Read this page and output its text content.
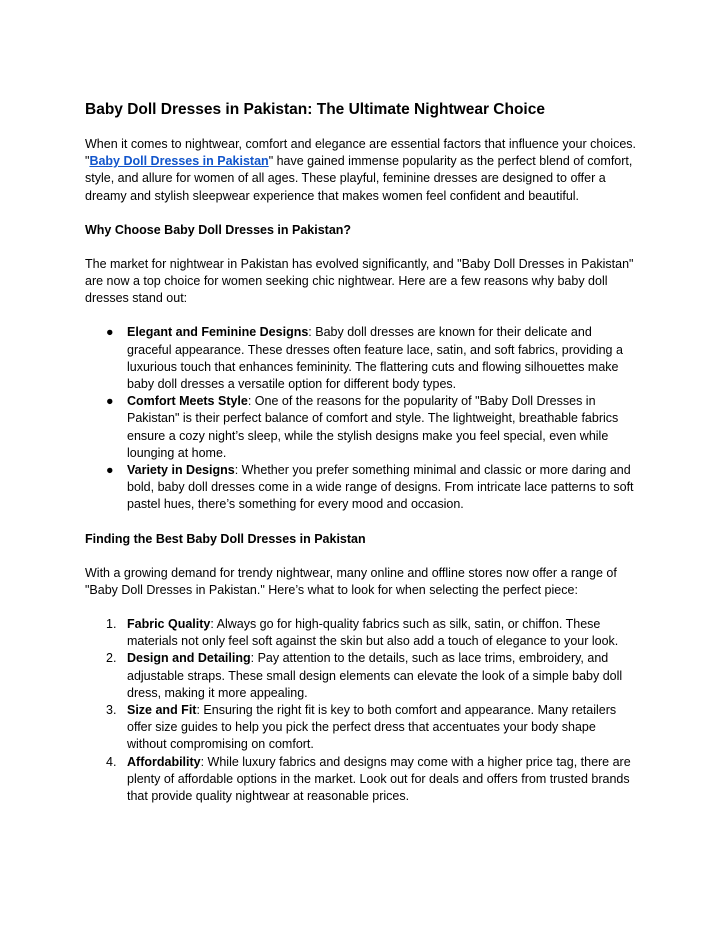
Baby Doll Dresses in Pakistan: The Ultimate Nightwear Choice

When it comes to nightwear, comfort and elegance are essential factors that influence your choices. "Baby Doll Dresses in Pakistan" have gained immense popularity as the perfect blend of comfort, style, and allure for women of all ages. These playful, feminine dresses are designed to offer a dreamy and stylish sleepwear experience that makes women feel confident and beautiful.

Why Choose Baby Doll Dresses in Pakistan?

The market for nightwear in Pakistan has evolved significantly, and "Baby Doll Dresses in Pakistan" are now a top choice for women seeking chic nightwear. Here are a few reasons why baby doll dresses stand out:

● Elegant and Feminine Designs: Baby doll dresses are known for their delicate and graceful appearance. These dresses often feature lace, satin, and soft fabrics, providing a luxurious touch that enhances femininity. The flattering cuts and flowing silhouettes make baby doll dresses a versatile option for different body types.
● Comfort Meets Style: One of the reasons for the popularity of "Baby Doll Dresses in Pakistan" is their perfect balance of comfort and style. The lightweight, breathable fabrics ensure a cozy night’s sleep, while the stylish designs make you feel special, even while lounging at home.
● Variety in Designs: Whether you prefer something minimal and classic or more daring and bold, baby doll dresses come in a wide range of designs. From intricate lace patterns to soft pastel hues, there’s something for every mood and occasion.
Finding the Best Baby Doll Dresses in Pakistan

With a growing demand for trendy nightwear, many online and offline stores now offer a range of "Baby Doll Dresses in Pakistan." Here’s what to look for when selecting the perfect piece:

1. Fabric Quality: Always go for high-quality fabrics such as silk, satin, or chiffon. These materials not only feel soft against the skin but also add a touch of elegance to your look.
2. Design and Detailing: Pay attention to the details, such as lace trims, embroidery, and adjustable straps. These small design elements can elevate the look of a simple baby doll dress, making it more appealing.
3. Size and Fit: Ensuring the right fit is key to both comfort and appearance. Many retailers offer size guides to help you pick the perfect dress that accentuates your body shape without compromising on comfort.
4. Affordability: While luxury fabrics and designs may come with a higher price tag, there are plenty of affordable options in the market. Look out for deals and offers from trusted brands that provide quality nightwear at reasonable prices.
